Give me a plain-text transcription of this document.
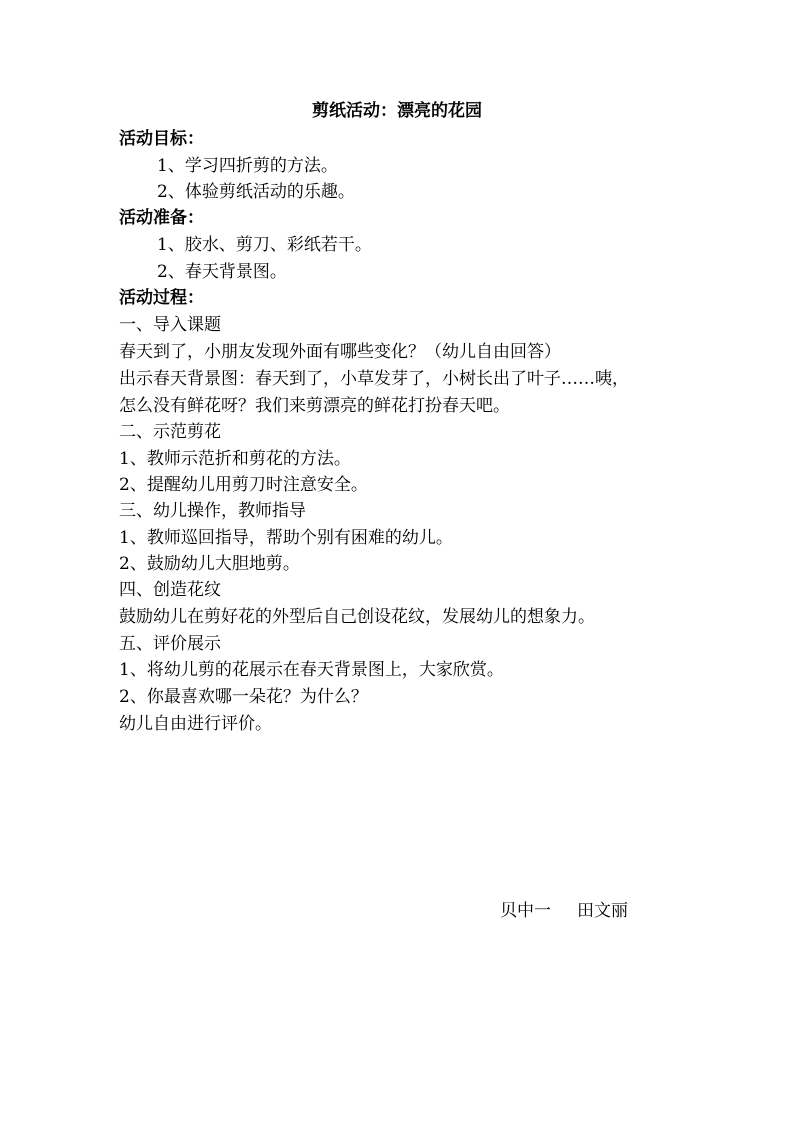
剪纸活动：漂亮的花园
活动目标：
1、学习四折剪的方法。
2、体验剪纸活动的乐趣。
活动准备：
1、胶水、剪刀、彩纸若干。
2、春天背景图。
活动过程：
一、导入课题
春天到了，小朋友发现外面有哪些变化？（幼儿自由回答）
出示春天背景图：春天到了，小草发芽了，小树长出了叶子……咦，
怎么没有鲜花呀？我们来剪漂亮的鲜花打扮春天吧。
二、示范剪花
1、教师示范折和剪花的方法。
2、提醒幼儿用剪刀时注意安全。
三、幼儿操作，教师指导
1、教师巡回指导，帮助个别有困难的幼儿。
2、鼓励幼儿大胆地剪。
四、创造花纹
鼓励幼儿在剪好花的外型后自己创设花纹，发展幼儿的想象力。
五、评价展示
1、将幼儿剪的花展示在春天背景图上，大家欣赏。
2、你最喜欢哪一朵花？为什么？
幼儿自由进行评价。
贝中一 田文丽
